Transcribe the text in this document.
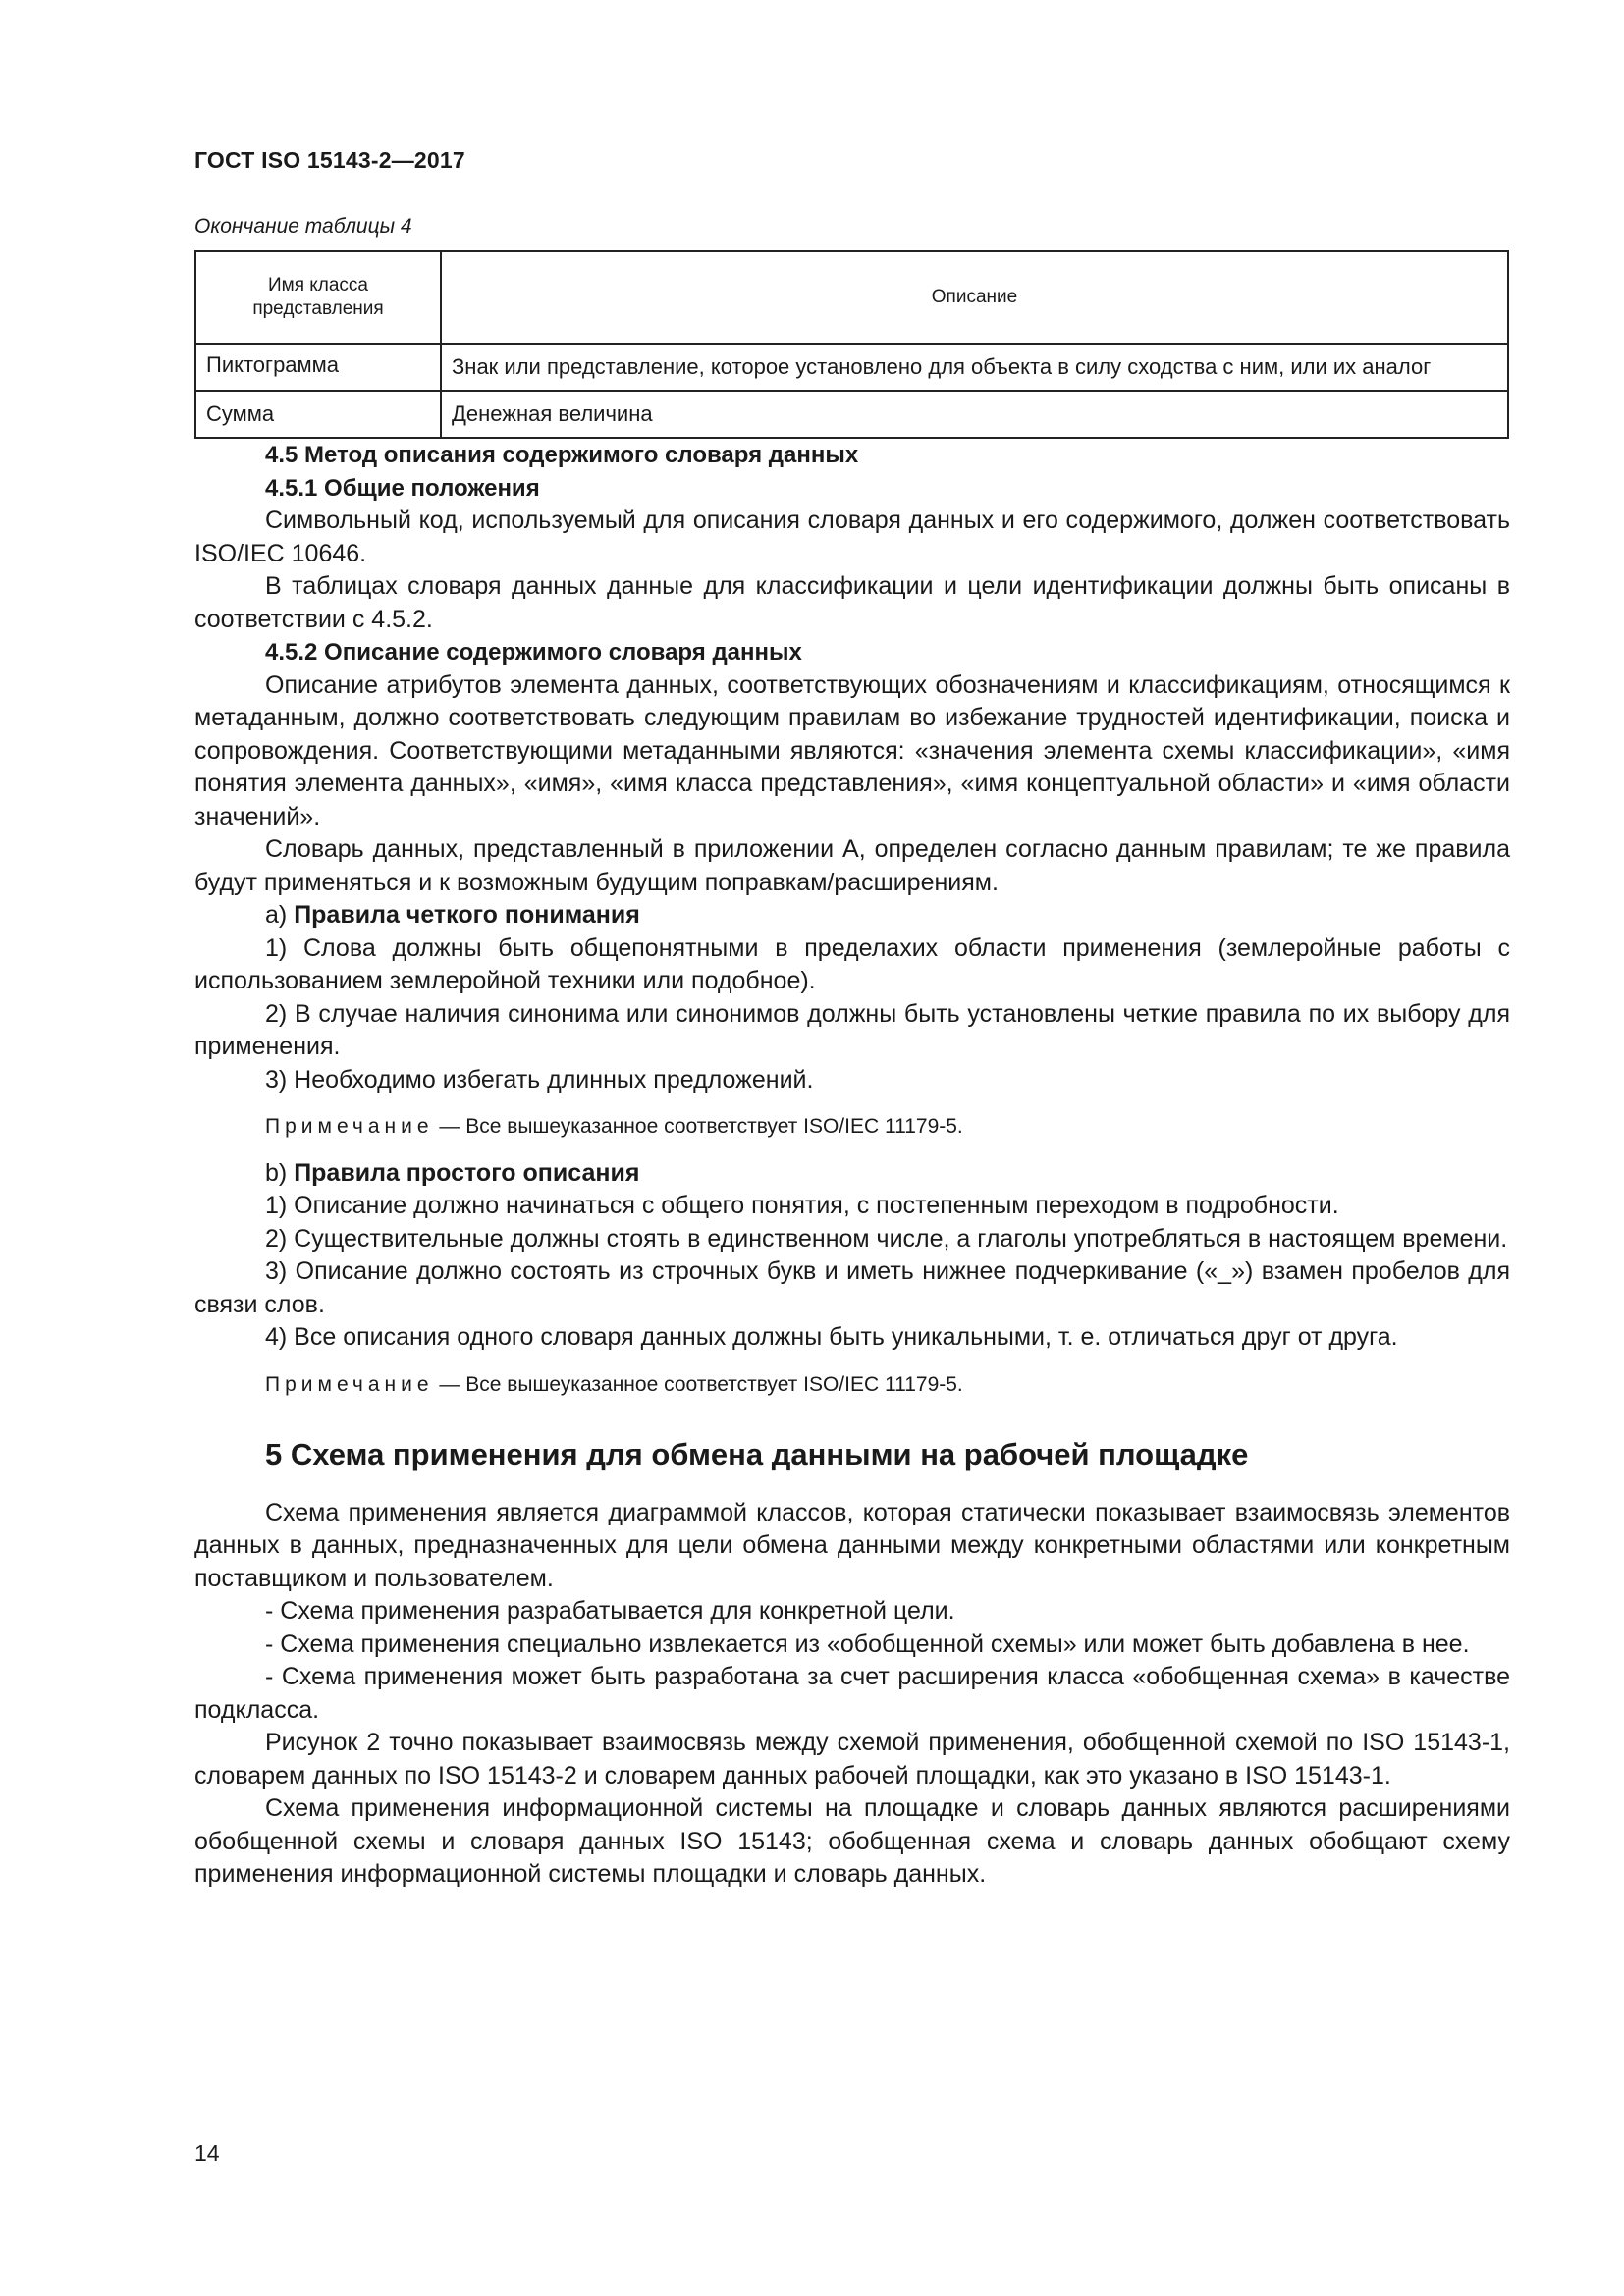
ГОСТ ISO 15143-2—2017
Окончание таблицы 4
Имя класса представления	Описание
Пиктограмма	Знак или представление, которое установлено для объекта в силу сходства с ним, или их аналог
Сумма	Денежная величина

4.5 Метод описания содержимого словаря данных

4.5.1 Общие положения

Символьный код, используемый для описания словаря данных и его содержимого, должен соответствовать ISO/IEC 10646.

В таблицах словаря данных данные для классификации и цели идентификации должны быть описаны в соответствии с 4.5.2.

4.5.2 Описание содержимого словаря данных

Описание атрибутов элемента данных, соответствующих обозначениям и классификациям, относящимся к метаданным, должно соответствовать следующим правилам во избежание трудностей идентификации, поиска и сопровождения. Соответствующими метаданными являются: «значения элемента схемы классификации», «имя понятия элемента данных», «имя», «имя класса представления», «имя концептуальной области» и «имя области значений».

Словарь данных, представленный в приложении А, определен согласно данным правилам; те же правила будут применяться и к возможным будущим поправкам/расширениям.

а) Правила четкого понимания

1) Слова должны быть общепонятными в пределахих области применения (землеройные работы с использованием землеройной техники или подобное).

2) В случае наличия синонима или синонимов должны быть установлены четкие правила по их выбору для применения.

3) Необходимо избегать длинных предложений.

Примечание — Все вышеуказанное соответствует ISO/IEC 11179-5.

b) Правила простого описания

1) Описание должно начинаться с общего понятия, с постепенным переходом в подробности.

2) Существительные должны стоять в единственном числе, а глаголы употребляться в настоящем времени.

3) Описание должно состоять из строчных букв и иметь нижнее подчеркивание («_») взамен пробелов для связи слов.

4) Все описания одного словаря данных должны быть уникальными, т. е. отличаться друг от друга.

Примечание — Все вышеуказанное соответствует ISO/IEC 11179-5.

5 Схема применения для обмена данными на рабочей площадке

Схема применения является диаграммой классов, которая статически показывает взаимосвязь элементов данных в данных, предназначенных для цели обмена данными между конкретными областями или конкретным поставщиком и пользователем.

- Схема применения разрабатывается для конкретной цели.

- Схема применения специально извлекается из «обобщенной схемы» или может быть добавлена в нее.

- Схема применения может быть разработана за счет расширения класса «обобщенная схема» в качестве подкласса.

Рисунок 2 точно показывает взаимосвязь между схемой применения, обобщенной схемой по ISO 15143-1, словарем данных по ISO 15143-2 и словарем данных рабочей площадки, как это указано в ISO 15143-1.

Схема применения информационной системы на площадке и словарь данных являются расширениями обобщенной схемы и словаря данных ISO 15143; обобщенная схема и словарь данных обобщают схему применения информационной системы площадки и словарь данных.

14
